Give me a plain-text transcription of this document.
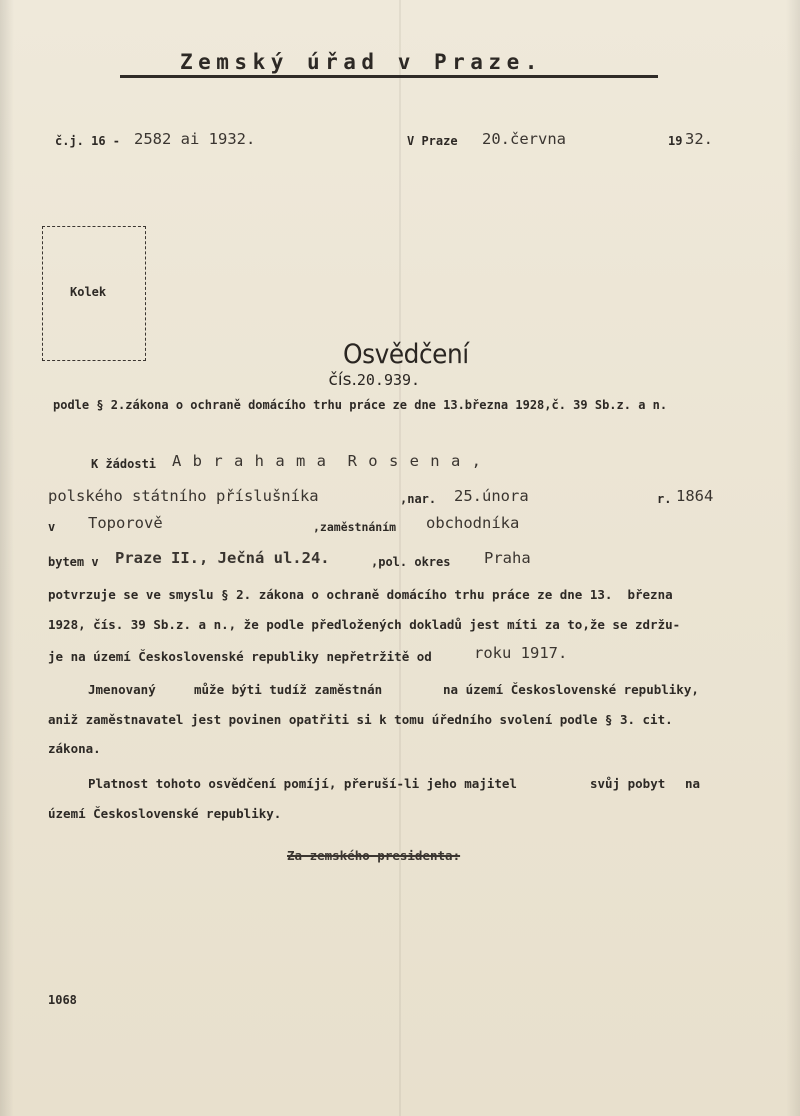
Zemský úřad v Praze.
č.j. 16 - 2582 ai 1932.	V Praze 20.června	19 32.
Kolek

Osvědčení
čís.20.939.

podle § 2.zákona o ochraně domácího trhu práce ze dne 13.března 1928,č. 39 Sb.z. a n.
K žádosti A b r a h a m a  R o s e n a ,
polského státního příslušníka	,nar. 25.února	r. 1864
v Toporově	,zaměstnáním obchodníka
bytem v Praze II., Ječná ul.24.	,pol. okres Praha
potvrzuje se ve smyslu § 2. zákona o ochraně domácího trhu práce ze dne 13.  března
1928, čís. 39 Sb.z. a n., že podle předložených dokladů jest míti za to,že se zdržu-
je na území Československé republiky nepřetržitě od	roku 1917.
Jmenovaný	může býti tudíž zaměstnán	na území Československé republiky,
aniž zaměstnavatel jest povinen opatřiti si k tomu úředního svolení podle § 3. cit.
zákona.
Platnost tohoto osvědčení pomíjí, přeruší-li jeho majitel	svůj pobyt na
území Československé republiky.
Za zemského presidenta:
1068
